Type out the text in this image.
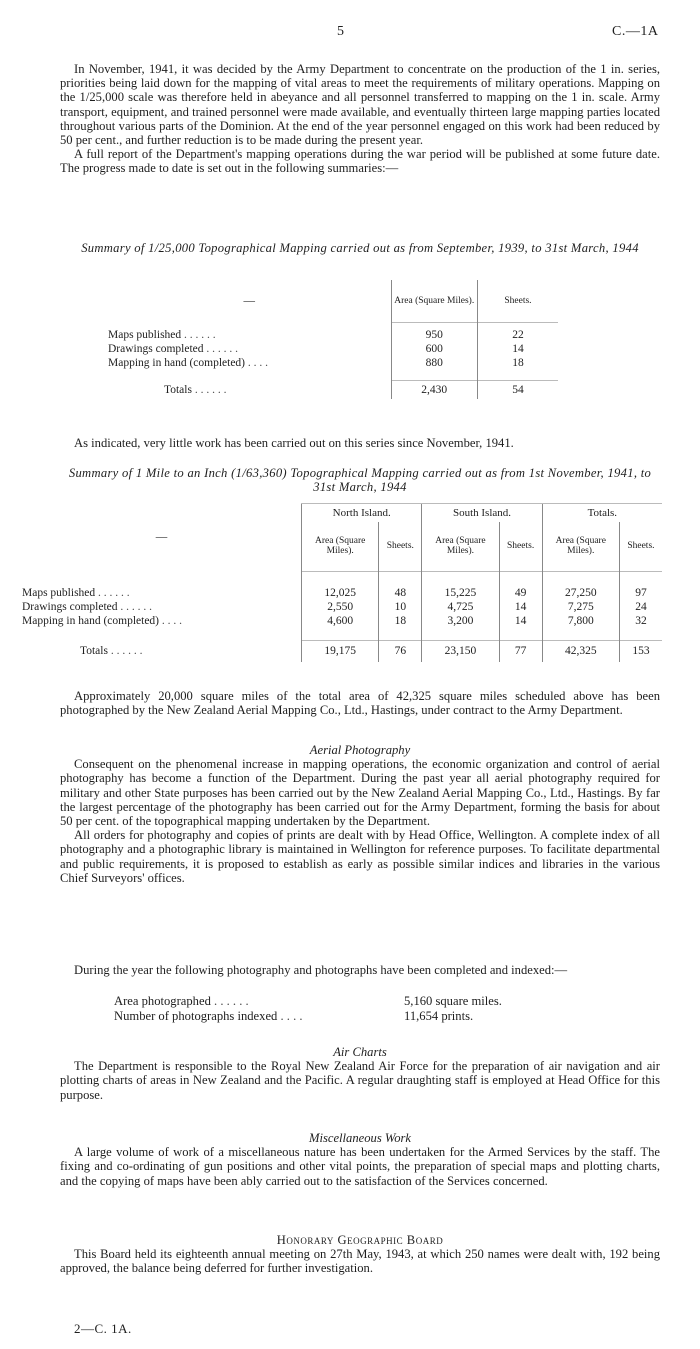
5	C.—1A

In November, 1941, it was decided by the Army Department to concentrate on the production of the 1 in. series, priorities being laid down for the mapping of vital areas to meet the requirements of military operations. Mapping on the 1/25,000 scale was therefore held in abeyance and all personnel transferred to mapping on the 1 in. scale. Army transport, equipment, and trained personnel were made available, and eventually thirteen large mapping parties located throughout various parts of the Dominion. At the end of the year personnel engaged on this work had been reduced by 50 per cent., and further reduction is to be made during the present year.

A full report of the Department's mapping operations during the war period will be published at some future date. The progress made to date is set out in the following summaries:—

Summary of 1/25,000 Topographical Mapping carried out as from September, 1939, to 31st March, 1944

—	Area (Square Miles).	Sheets.

Maps published . . . . . .	950	22
Drawings completed . . . . . .	600	14
Mapping in hand (completed) . . . .	880	18

Totals . . . . . .	2,430	54

As indicated, very little work has been carried out on this series since November, 1941.

Summary of 1 Mile to an Inch (1/63,360) Topographical Mapping carried out as from 1st November, 1941, to 31st March, 1944

—	North Island.		South Island.		Totals.	
	Area (Square Miles).	Sheets.	Area (Square Miles).	Sheets.	Area (Square Miles).	Sheets.

Maps published . . . . . .	12,025	48	15,225	49	27,250	97
Drawings completed . . . . . .	2,550	10	4,725	14	7,275	24
Mapping in hand (completed) . . . .	4,600	18	3,200	14	7,800	32

Totals . . . . . .	19,175	76	23,150	77	42,325	153

Approximately 20,000 square miles of the total area of 42,325 square miles scheduled above has been photographed by the New Zealand Aerial Mapping Co., Ltd., Hastings, under contract to the Army Department.

Aerial Photography

Consequent on the phenomenal increase in mapping operations, the economic organization and control of aerial photography has become a function of the Department. During the past year all aerial photography required for military and other State purposes has been carried out by the New Zealand Aerial Mapping Co., Ltd., Hastings. By far the largest percentage of the photography has been carried out for the Army Department, forming the basis for about 50 per cent. of the topographical mapping undertaken by the Department.

All orders for photography and copies of prints are dealt with by Head Office, Wellington. A complete index of all photography and a photographic library is maintained in Wellington for reference purposes. To facilitate departmental and public requirements, it is proposed to establish as early as possible similar indices and libraries in the various Chief Surveyors' offices.

During the year the following photography and photographs have been completed and indexed:—

Area photographed . . . . . .	5,160 square miles.
Number of photographs indexed . . . .	11,654 prints.

Air Charts

The Department is responsible to the Royal New Zealand Air Force for the preparation of air navigation and air plotting charts of areas in New Zealand and the Pacific. A regular draughting staff is employed at Head Office for this purpose.

Miscellaneous Work

A large volume of work of a miscellaneous nature has been undertaken for the Armed Services by the staff. The fixing and co-ordinating of gun positions and other vital points, the preparation of special maps and plotting charts, and the copying of maps have been ably carried out to the satisfaction of the Services concerned.

Honorary Geographic Board

This Board held its eighteenth annual meeting on 27th May, 1943, at which 250 names were dealt with, 192 being approved, the balance being deferred for further investigation.

2—C. 1A.
